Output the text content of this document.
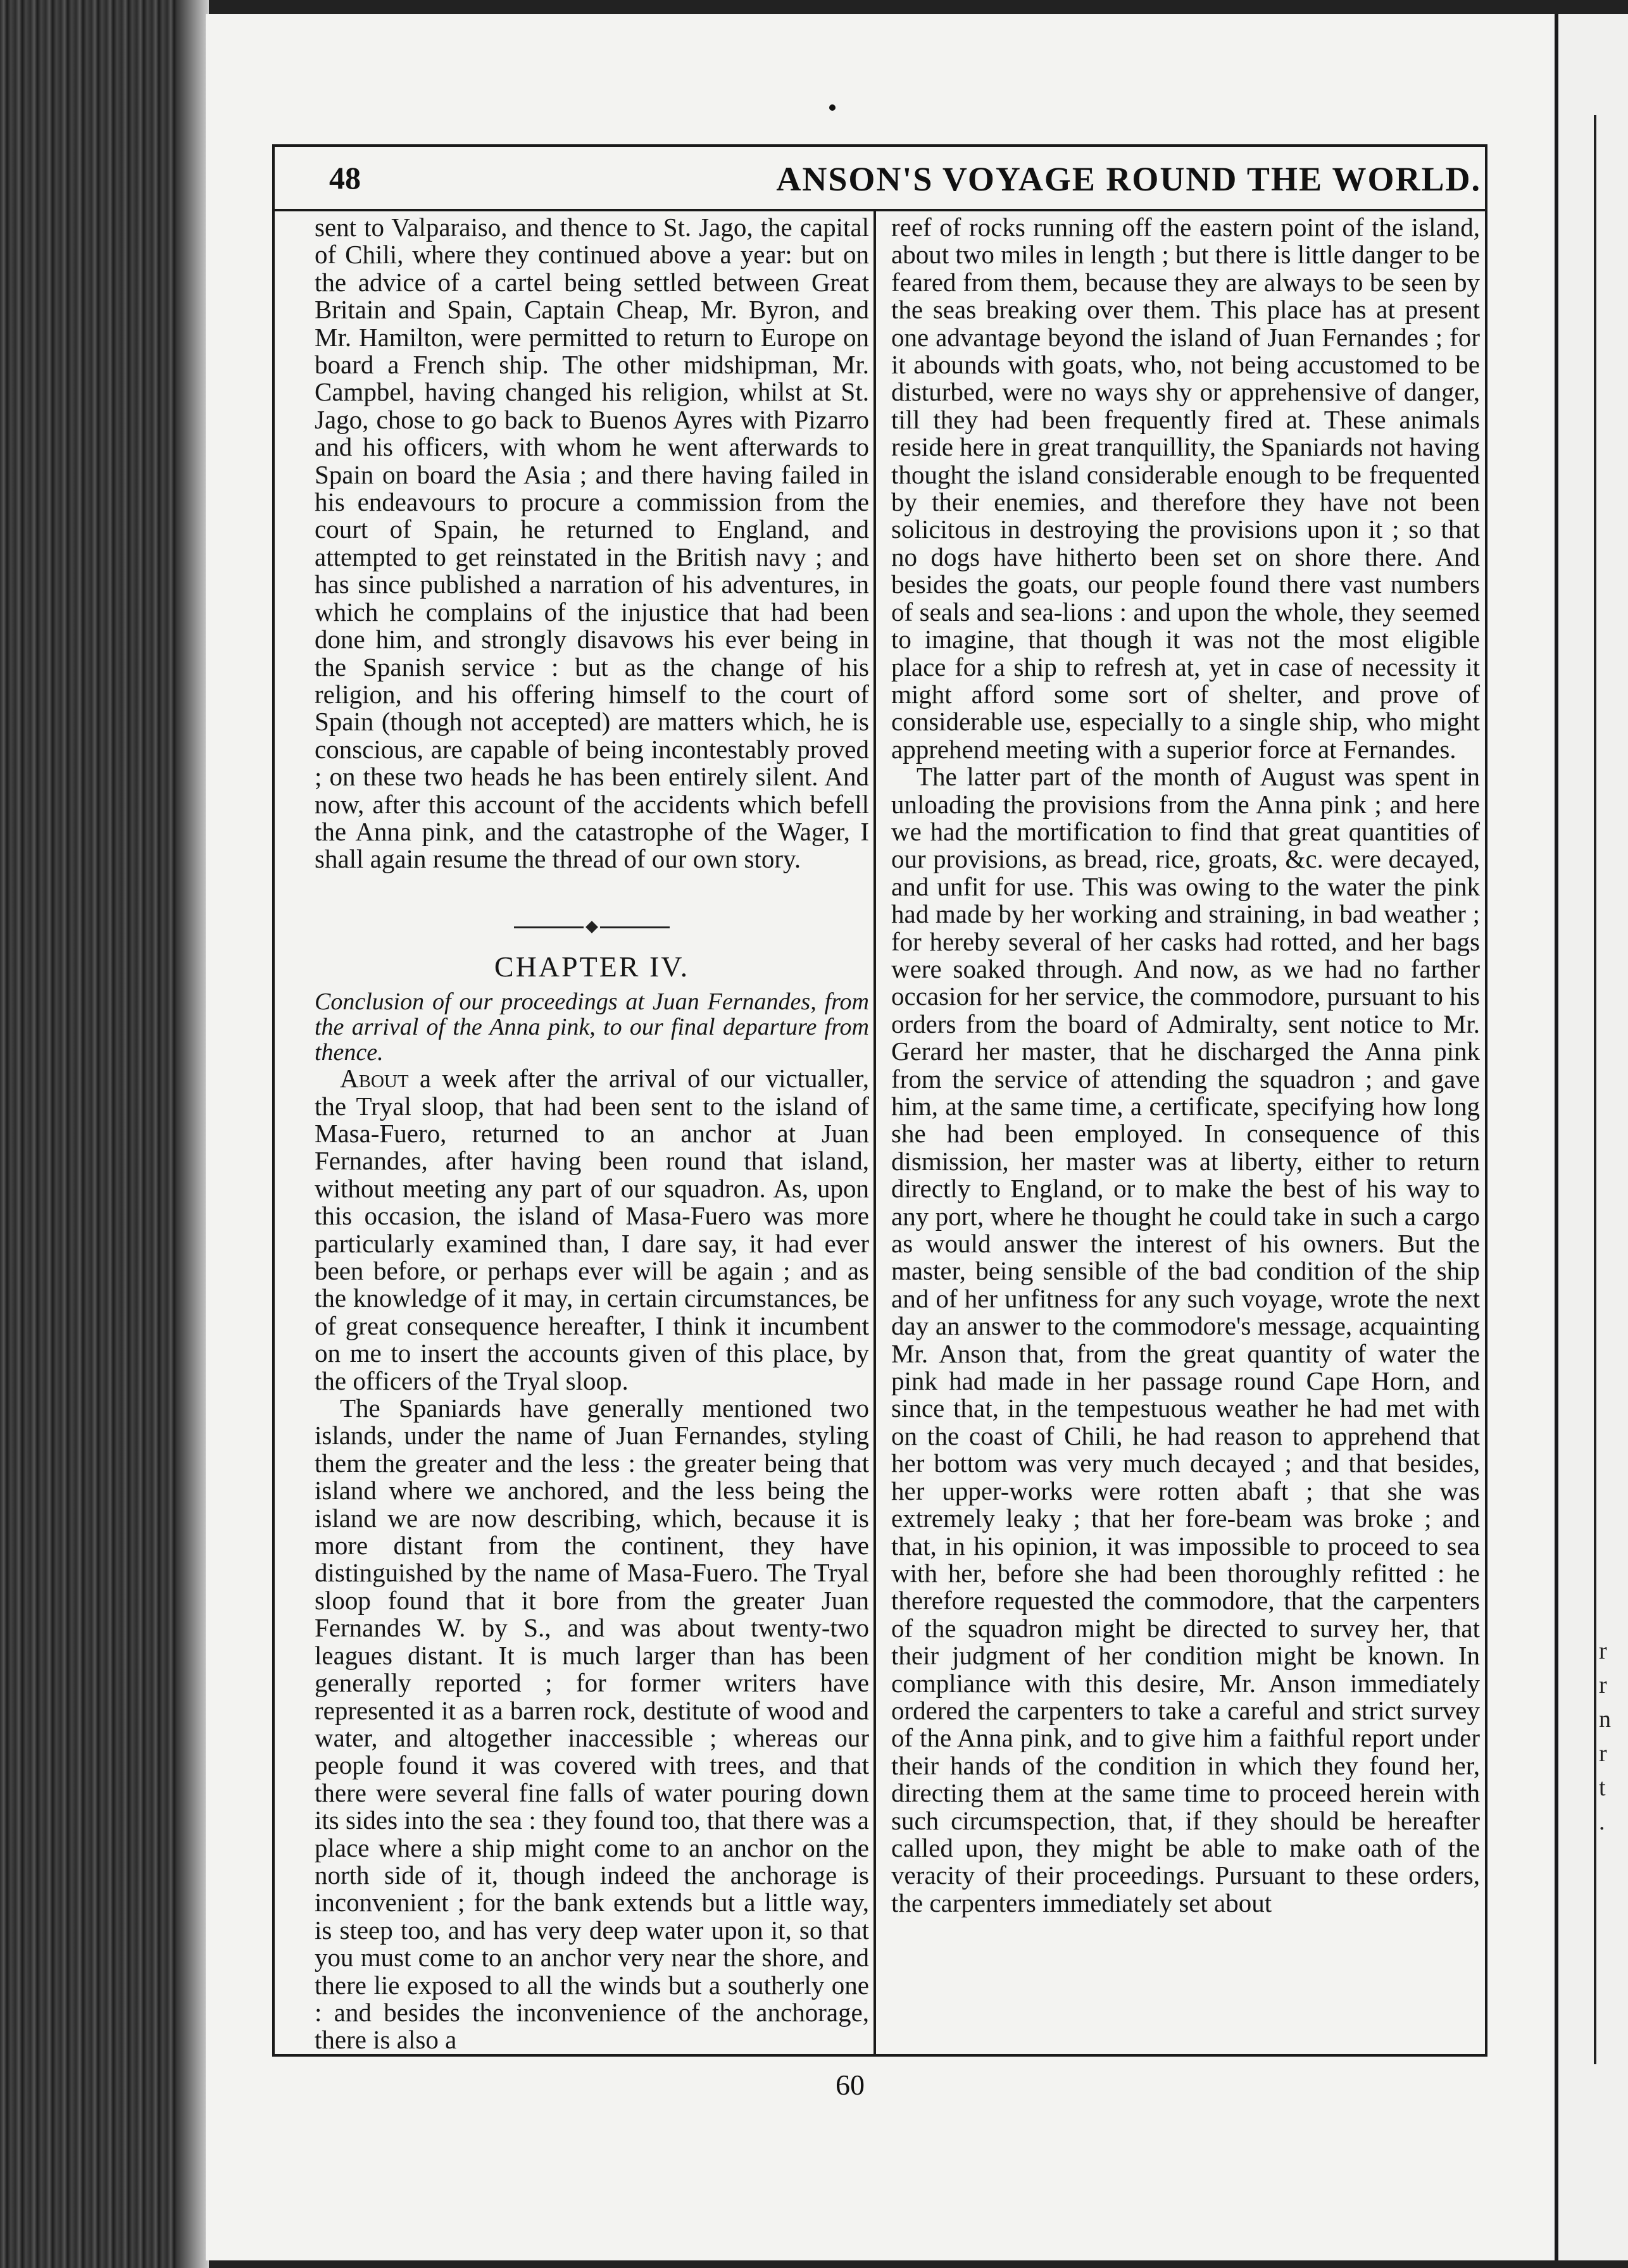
r
r
n
r
t
.
48	ANSON'S VOYAGE ROUND THE WORLD.

sent to Valparaiso, and thence to St. Jago, the capital of Chili, where they continued above a year: but on the advice of a cartel being settled between Great Britain and Spain, Captain Cheap, Mr. Byron, and Mr. Hamilton, were permitted to return to Europe on board a French ship. The other midshipman, Mr. Campbel, having changed his religion, whilst at St. Jago, chose to go back to Buenos Ayres with Pizarro and his officers, with whom he went afterwards to Spain on board the Asia ; and there having failed in his endeavours to procure a commission from the court of Spain, he returned to England, and attempted to get reinstated in the British navy ; and has since published a narration of his adventures, in which he complains of the injustice that had been done him, and strongly disavows his ever being in the Spanish service : but as the change of his religion, and his offering himself to the court of Spain (though not accepted) are matters which, he is conscious, are capable of being incontestably proved ; on these two heads he has been entirely silent. And now, after this account of the accidents which befell the Anna pink, and the catastrophe of the Wager, I shall again resume the thread of our own story.

CHAPTER IV.

Conclusion of our proceedings at Juan Fernandes, from the arrival of the Anna pink, to our final departure from thence.

About a week after the arrival of our victualler, the Tryal sloop, that had been sent to the island of Masa-Fuero, returned to an anchor at Juan Fernandes, after having been round that island, without meeting any part of our squadron. As, upon this occasion, the island of Masa-Fuero was more particularly examined than, I dare say, it had ever been before, or perhaps ever will be again ; and as the knowledge of it may, in certain circumstances, be of great consequence hereafter, I think it incumbent on me to insert the accounts given of this place, by the officers of the Tryal sloop.

The Spaniards have generally mentioned two islands, under the name of Juan Fernandes, styling them the greater and the less : the greater being that island where we anchored, and the less being the island we are now describing, which, because it is more distant from the continent, they have distinguished by the name of Masa-Fuero. The Tryal sloop found that it bore from the greater Juan Fernandes W. by S., and was about twenty-two leagues distant. It is much larger than has been generally reported ; for former writers have represented it as a barren rock, destitute of wood and water, and altogether inaccessible ; whereas our people found it was covered with trees, and that there were several fine falls of water pouring down its sides into the sea : they found too, that there was a place where a ship might come to an anchor on the north side of it, though indeed the anchorage is inconvenient ; for the bank extends but a little way, is steep too, and has very deep water upon it, so that you must come to an anchor very near the shore, and there lie exposed to all the winds but a southerly one : and besides the inconvenience of the anchorage, there is also a

reef of rocks running off the eastern point of the island, about two miles in length ; but there is little danger to be feared from them, because they are always to be seen by the seas breaking over them. This place has at present one advantage beyond the island of Juan Fernandes ; for it abounds with goats, who, not being accustomed to be disturbed, were no ways shy or apprehensive of danger, till they had been frequently fired at. These animals reside here in great tranquillity, the Spaniards not having thought the island considerable enough to be frequented by their enemies, and therefore they have not been solicitous in destroying the provisions upon it ; so that no dogs have hitherto been set on shore there. And besides the goats, our people found there vast numbers of seals and sea-lions : and upon the whole, they seemed to imagine, that though it was not the most eligible place for a ship to refresh at, yet in case of necessity it might afford some sort of shelter, and prove of considerable use, especially to a single ship, who might apprehend meeting with a superior force at Fernandes.

The latter part of the month of August was spent in unloading the provisions from the Anna pink ; and here we had the mortification to find that great quantities of our provisions, as bread, rice, groats, &c. were decayed, and unfit for use. This was owing to the water the pink had made by her working and straining, in bad weather ; for hereby several of her casks had rotted, and her bags were soaked through. And now, as we had no farther occasion for her service, the commodore, pursuant to his orders from the board of Admiralty, sent notice to Mr. Gerard her master, that he discharged the Anna pink from the service of attending the squadron ; and gave him, at the same time, a certificate, specifying how long she had been employed. In consequence of this dismission, her master was at liberty, either to return directly to England, or to make the best of his way to any port, where he thought he could take in such a cargo as would answer the interest of his owners. But the master, being sensible of the bad condition of the ship and of her unfitness for any such voyage, wrote the next day an answer to the commodore's message, acquainting Mr. Anson that, from the great quantity of water the pink had made in her passage round Cape Horn, and since that, in the tempestuous weather he had met with on the coast of Chili, he had reason to apprehend that her bottom was very much decayed ; and that besides, her upper-works were rotten abaft ; that she was extremely leaky ; that her fore-beam was broke ; and that, in his opinion, it was impossible to proceed to sea with her, before she had been thoroughly refitted : he therefore requested the commodore, that the carpenters of the squadron might be directed to survey her, that their judgment of her condition might be known. In compliance with this desire, Mr. Anson immediately ordered the carpenters to take a careful and strict survey of the Anna pink, and to give him a faithful report under their hands of the condition in which they found her, directing them at the same time to proceed herein with such circumspection, that, if they should be hereafter called upon, they might be able to make oath of the veracity of their proceedings. Pursuant to these orders, the carpenters immediately set about

60
